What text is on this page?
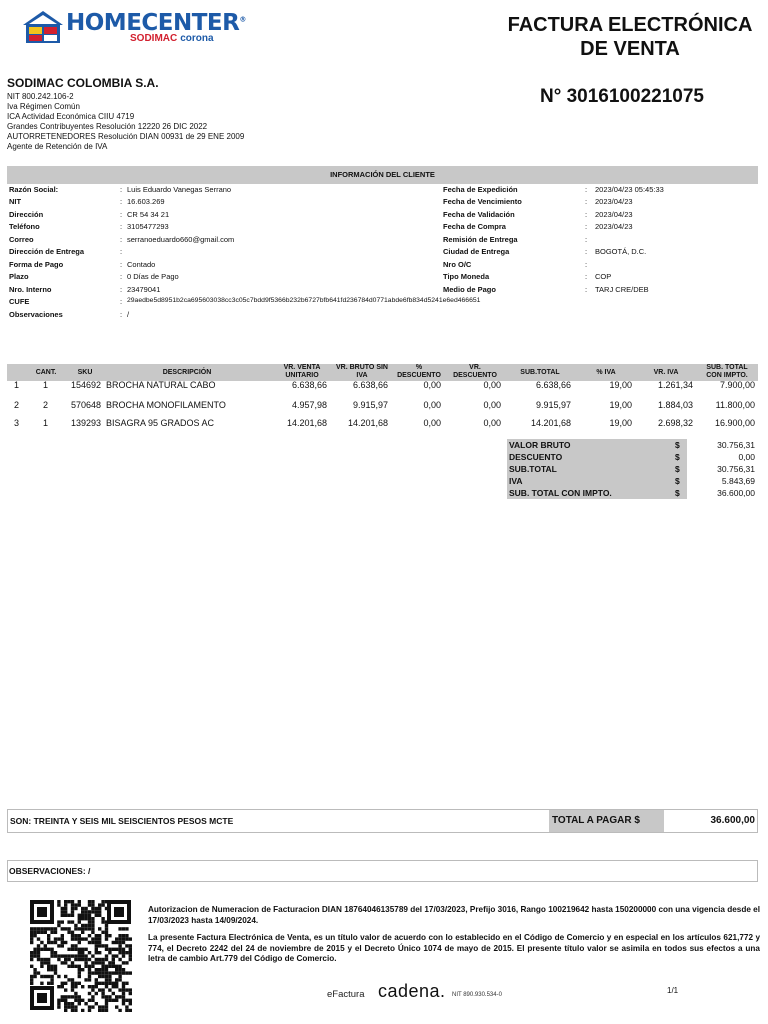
HOMECENTER®
SODIMAC corona
FACTURA ELECTRÓNICA
DE VENTA
N° 3016100221075
SODIMAC COLOMBIA S.A.
NIT 800.242.106-2
Iva Régimen Común
ICA Actividad Económica CIIU 4719
Grandes Contribuyentes Resolución 12220 26 DIC 2022
AUTORRETENEDORES Resolución DIAN 00931 de 29 ENE 2009
Agente de Retención de IVA
INFORMACIÓN DEL CLIENTE
Razón Social:	: Luis Eduardo Vanegas Serrano	Fecha de Expedición	: 2023/04/23 05:45:33
NIT	: 16.603.269	Fecha de Vencimiento	: 2023/04/23
Dirección	: CR 54 34 21	Fecha de Validación	: 2023/04/23
Teléfono	: 3105477293	Fecha de Compra	: 2023/04/23
Correo	: serranoeduardo660@gmail.com	Remisión de Entrega	:
Dirección de Entrega	:	Ciudad de Entrega	: BOGOTÁ, D.C.
Forma de Pago	: Contado	Nro O/C	:
Plazo	: 0 Días de Pago	Tipo Moneda	: COP
Nro. Interno	: 23479041	Medio de Pago	: TARJ CRE/DEB
CUFE	: 29aedbe5d8951b2ca695603038cc3c05c7bdd9f5366b232b6727bfb641fd236784d0771abde6fb834d5241e6ed466651
Observaciones	: /
CANT.	SKU	DESCRIPCIÓN
VR. VENTA
UNITARIO
VR. BRUTO SIN
IVA
%
DESCUENTO
VR.
DESCUENTO	SUB.TOTAL	% IVA	VR. IVA
SUB. TOTAL
CON IMPTO.
1	1	154692 BROCHA NATURAL CABO	6.638,66	6.638,66	0,00	0,00	6.638,66	19,00	1.261,34	7.900,00
2	2	570648 BROCHA MONOFILAMENTO	4.957,98	9.915,97	0,00	0,00	9.915,97	19,00	1.884,03	11.800,00
3	1	139293 BISAGRA 95 GRADOS AC	14.201,68	14.201,68	0,00	0,00	14.201,68	19,00	2.698,32	16.900,00
VALOR BRUTO	$	30.756,31
DESCUENTO	$	0,00
SUB.TOTAL	$	30.756,31
IVA	$	5.843,69
SUB. TOTAL CON IMPTO.	$	36.600,00
SON: TREINTA Y SEIS MIL SEISCIENTOS PESOS MCTE	TOTAL A PAGAR $	36.600,00
OBSERVACIONES: /

Autorizacion de Numeracion de Facturacion DIAN 18764046135789 del 17/03/2023, Prefijo 3016, Rango 100219642 hasta 150200000 con una vigencia desde el 17/03/2023 hasta 14/09/2024.

La presente Factura Electrónica de Venta, es un título valor de acuerdo con lo establecido en el Código de Comercio y en especial en los artículos 621,772 y 774, el Decreto 2242 del 24 de noviembre de 2015 y el Decreto Único 1074 de mayo de 2015. El presente título valor se asimila en todos sus efectos a una letra de cambio Art.779 del Código de Comercio.

eFactura cadena. NIT 890.930.534-0	1/1
